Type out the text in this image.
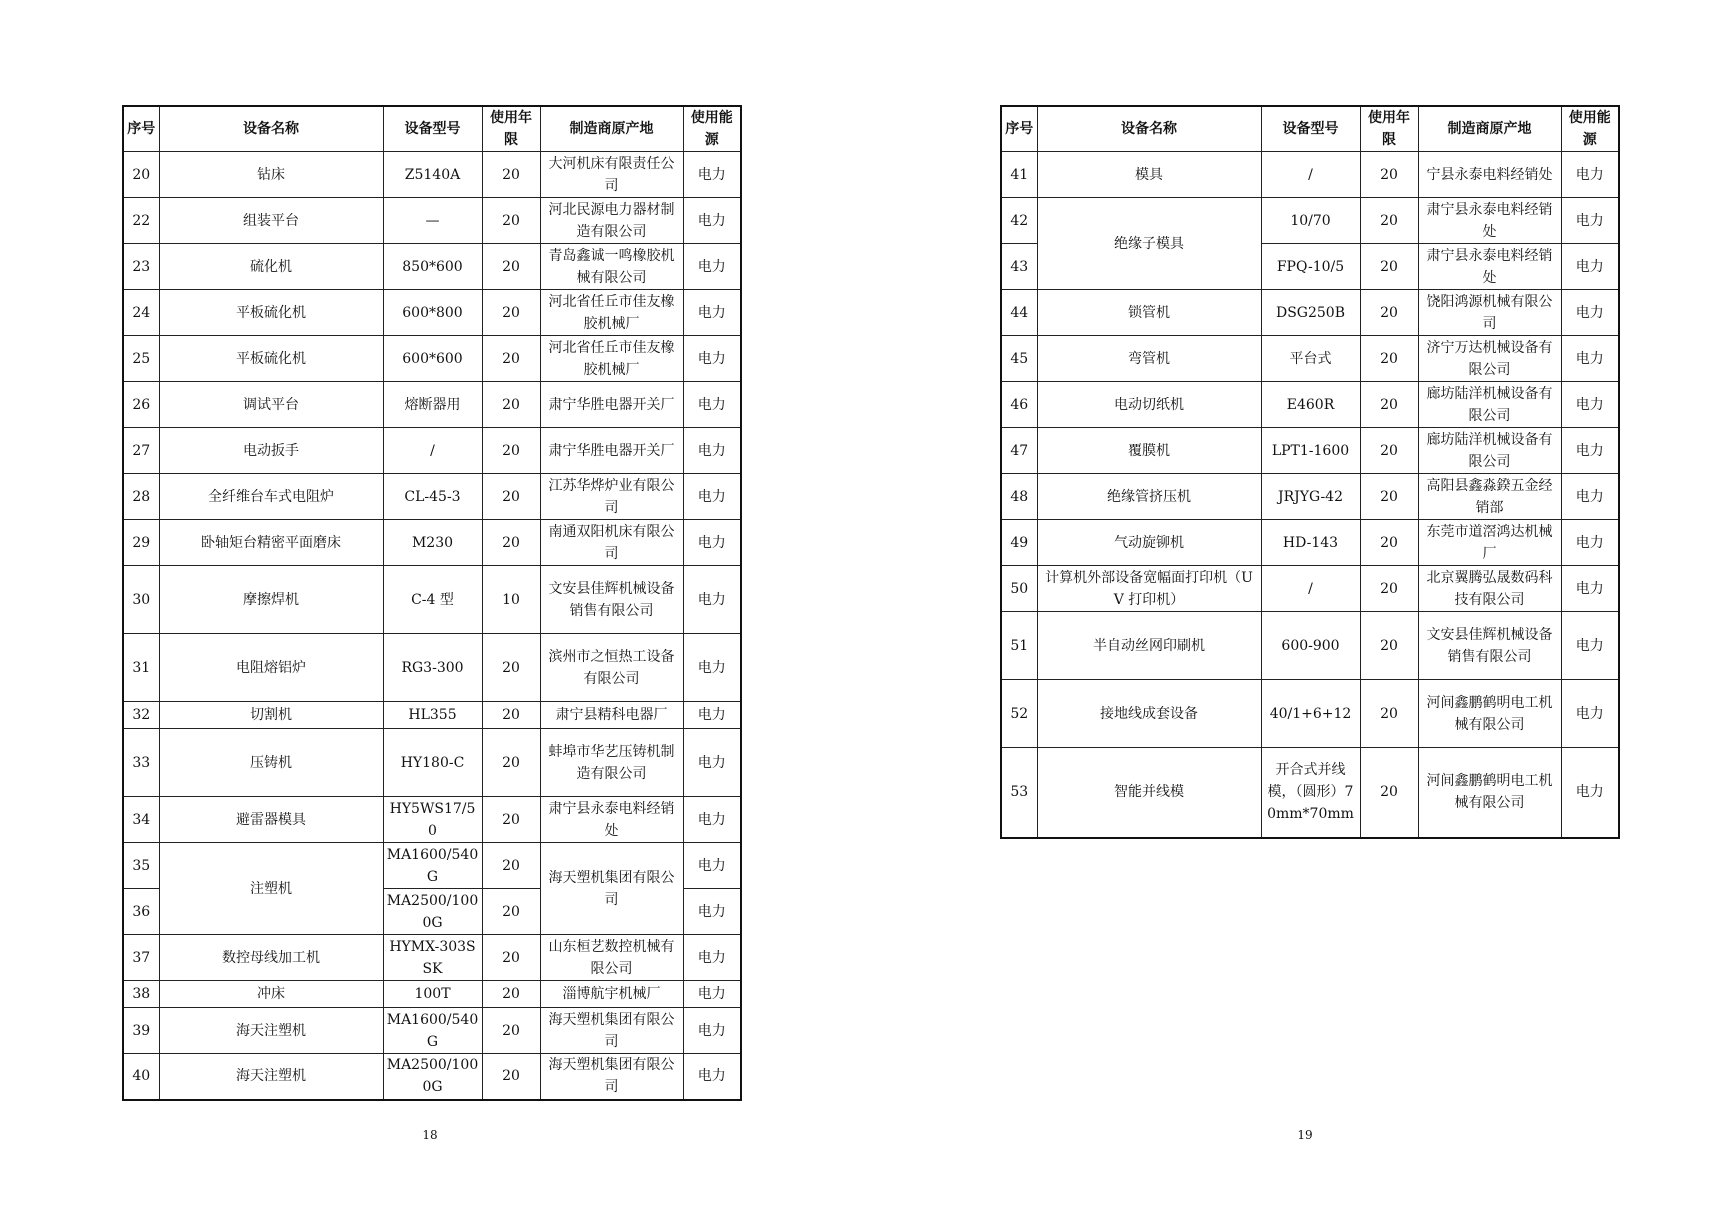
序号	设备名称	设备型号	使用年限	制造商原产地	使用能源
20	钻床	Z5140A	20	大河机床有限责任公司	电力
22	组装平台	—	20	河北民源电力器材制造有限公司	电力
23	硫化机	850*600	20	青岛鑫诚一鸣橡胶机械有限公司	电力
24	平板硫化机	600*800	20	河北省任丘市佳友橡胶机械厂	电力
25	平板硫化机	600*600	20	河北省任丘市佳友橡胶机械厂	电力
26	调试平台	熔断器用	20	肃宁华胜电器开关厂	电力
27	电动扳手	/	20	肃宁华胜电器开关厂	电力
28	全纤维台车式电阻炉	CL-45-3	20	江苏华烨炉业有限公司	电力
29	卧轴矩台精密平面磨床	M230	20	南通双阳机床有限公司	电力
30	摩擦焊机	C-4 型	10	文安县佳辉机械设备销售有限公司	电力
31	电阻熔铝炉	RG3-300	20	滨州市之恒热工设备有限公司	电力
32	切割机	HL355	20	肃宁县精科电器厂	电力
33	压铸机	HY180-C	20	蚌埠市华艺压铸机制造有限公司	电力
34	避雷器模具	HY5WS17/50	20	肃宁县永泰电料经销处	电力
35	注塑机	MA1600/540G	20	海天塑机集团有限公司	电力
36		MA2500/1000G	20		电力
37	数控母线加工机	HYMX-303SSK	20	山东桓艺数控机械有限公司	电力
38	冲床	100T	20	淄博航宇机械厂	电力
39	海天注塑机	MA1600/540G	20	海天塑机集团有限公司	电力
40	海天注塑机	MA2500/1000G	20	海天塑机集团有限公司	电力
18
序号	设备名称	设备型号	使用年限	制造商原产地	使用能源
41	模具	/	20	宁县永泰电料经销处	电力
42	绝缘子模具	10/70	20	肃宁县永泰电料经销处	电力
43		FPQ-10/5	20	肃宁县永泰电料经销处	电力
44	锁管机	DSG250B	20	饶阳鸿源机械有限公司	电力
45	弯管机	平台式	20	济宁万达机械设备有限公司	电力
46	电动切纸机	E460R	20	廊坊陆洋机械设备有限公司	电力
47	覆膜机	LPT1-1600	20	廊坊陆洋机械设备有限公司	电力
48	绝缘管挤压机	JRJYG-42	20	高阳县鑫淼鍨五金经销部	电力
49	气动旋铆机	HD-143	20	东莞市道滘鸿达机械厂	电力
50	计算机外部设备宽幅面打印机（UV 打印机）	/	20	北京翼腾弘晟数码科技有限公司	电力
51	半自动丝网印刷机	600-900	20	文安县佳辉机械设备销售有限公司	电力
52	接地线成套设备	40/1+6+12	20	河间鑫鹏鹤明电工机械有限公司	电力
53	智能并线模	开合式并线模，（圆形）70mm*70mm	20	河间鑫鹏鹤明电工机械有限公司	电力
19
